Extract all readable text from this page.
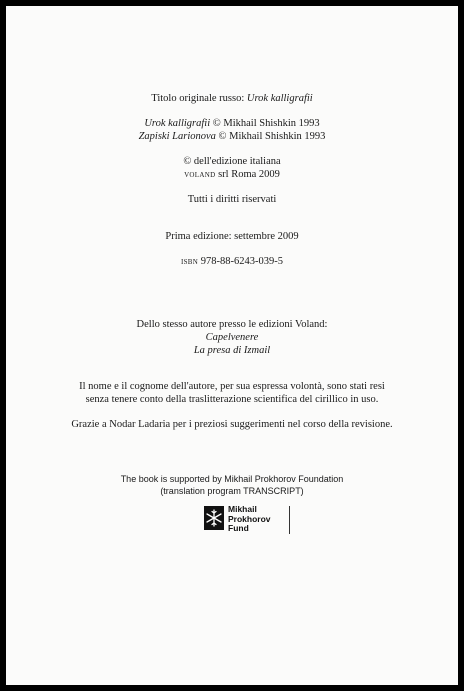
Titolo originale russo: Urok kalligrafii
Urok kalligrafii © Mikhail Shishkin 1993
Zapiski Larionova © Mikhail Shishkin 1993
© dell'edizione italiana
voland srl Roma 2009
Tutti i diritti riservati
Prima edizione: settembre 2009
isbn 978-88-6243-039-5
Dello stesso autore presso le edizioni Voland:
Capelvenere
La presa di Izmail
Il nome e il cognome dell'autore, per sua espressa volontà, sono stati resi
senza tenere conto della traslitterazione scientifica del cirillico in uso.
Grazie a Nodar Ladaria per i preziosi suggerimenti nel corso della revisione.
The book is supported by Mikhail Prokhorov Foundation
(translation program TRANSCRIPT)
Mikhail
Prokhorov
Fund
